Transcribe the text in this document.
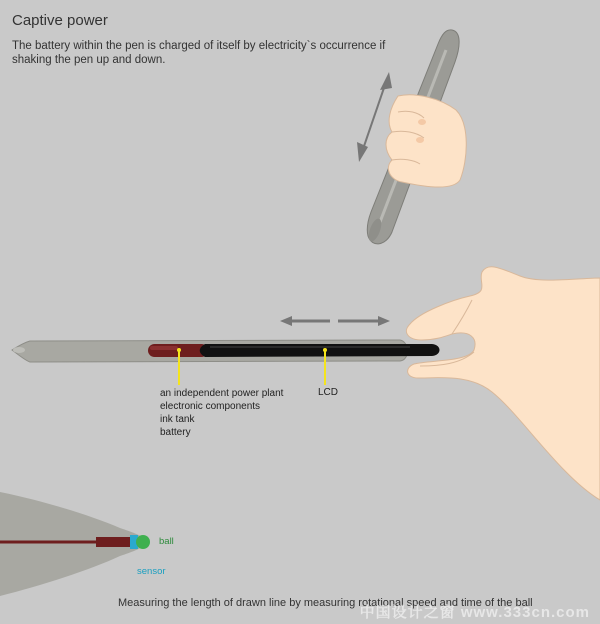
Captive power
The battery within the pen is charged of itself by electricity`s occurrence if shaking the pen up and down.
an independent power plant
electronic components
ink tank
battery
LCD
ball
sensor
Measuring the length of drawn line by measuring rotational speed and time of the ball
中国设计之窗 www.333cn.com
